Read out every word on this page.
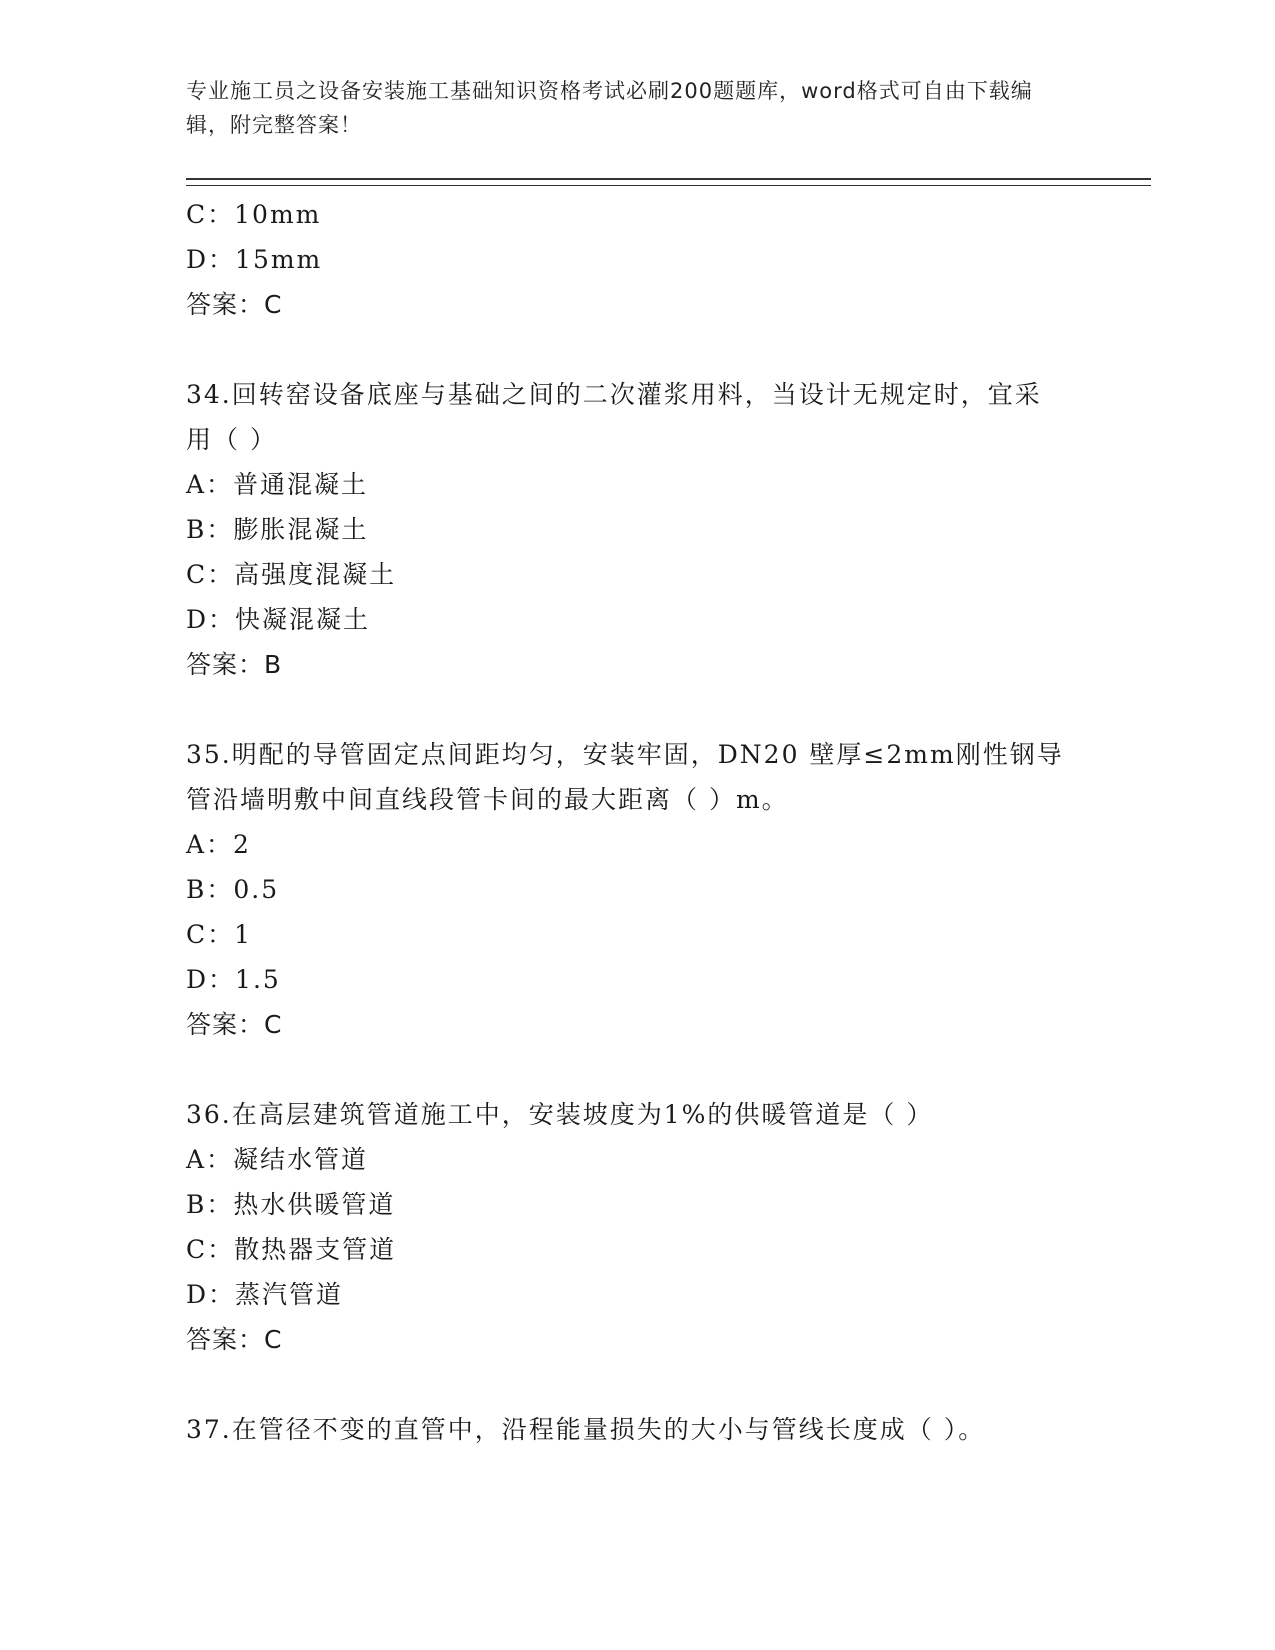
专业施工员之设备安装施工基础知识资格考试必刷200题题库，word格式可自由下载编辑，附完整答案！
C：10mm
D：15mm
答案：C
34.回转窑设备底座与基础之间的二次灌浆用料，当设计无规定时，宜采用（ ）
A：普通混凝土
B：膨胀混凝土
C：高强度混凝土
D：快凝混凝土
答案：B
35.明配的导管固定点间距均匀，安装牢固，DN20 壁厚≤2mm刚性钢导管沿墙明敷中间直线段管卡间的最大距离（ ）m。
A：2
B：0.5
C：1
D：1.5
答案：C
36.在高层建筑管道施工中，安装坡度为1%的供暖管道是（ ）
A：凝结水管道
B：热水供暖管道
C：散热器支管道
D：蒸汽管道
答案：C
37.在管径不变的直管中，沿程能量损失的大小与管线长度成（ ）。
